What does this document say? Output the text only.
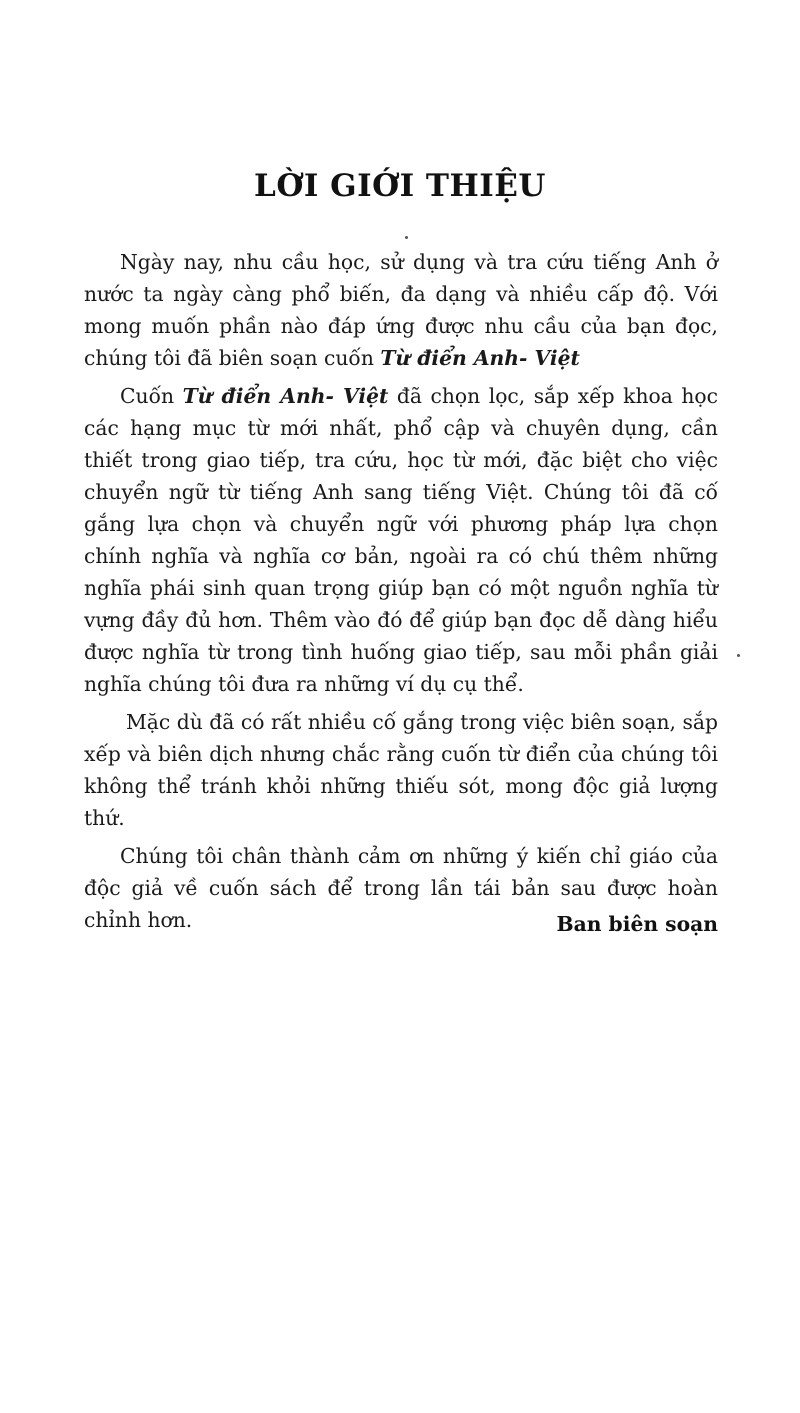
LỜI GIỚI THIỆU

Ngày nay, nhu cầu học, sử dụng và tra cứu tiếng Anh ở nước ta ngày càng phổ biến, đa dạng và nhiều cấp độ. Với mong muốn phần nào đáp ứng được nhu cầu của bạn đọc, chúng tôi đã biên soạn cuốn Từ điển Anh- Việt

Cuốn Từ điển Anh- Việt đã chọn lọc, sắp xếp khoa học các hạng mục từ mới nhất, phổ cập và chuyên dụng, cần thiết trong giao tiếp, tra cứu, học từ mới, đặc biệt cho việc chuyển ngữ từ tiếng Anh sang tiếng Việt. Chúng tôi đã cố gắng lựa chọn và chuyển ngữ với phương pháp lựa chọn chính nghĩa và nghĩa cơ bản, ngoài ra có chú thêm những nghĩa phái sinh quan trọng giúp bạn có một nguồn nghĩa từ vựng đầy đủ hơn. Thêm vào đó để giúp bạn đọc dễ dàng hiểu được nghĩa từ trong tình huống giao tiếp, sau mỗi phần giải nghĩa chúng tôi đưa ra những ví dụ cụ thể.

Mặc dù đã có rất nhiều cố gắng trong việc biên soạn, sắp xếp và biên dịch nhưng chắc rằng cuốn từ điển của chúng tôi không thể tránh khỏi những thiếu sót, mong độc giả lượng thứ.

Chúng tôi chân thành cảm ơn những ý kiến chỉ giáo của độc giả về cuốn sách để trong lần tái bản sau được hoàn chỉnh hơn.	Ban biên soạn
